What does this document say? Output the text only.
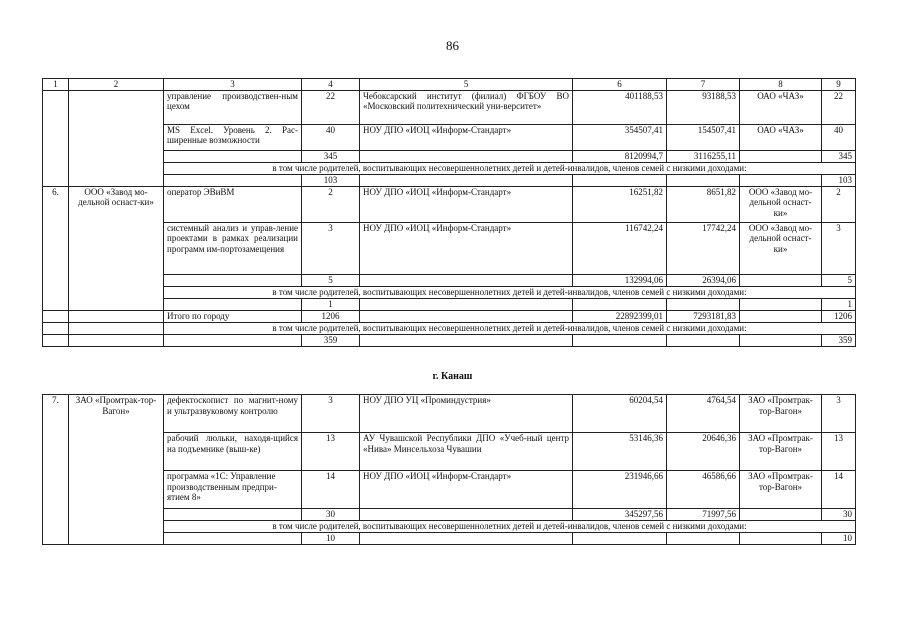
86
1	2	3	4	5	6	7	8	9
		управление производствен-ным цехом	22	Чебоксарский институт (филиал) ФГБОУ ВО «Московский политехнический уни-верситет»	401188,53	93188,53	ОАО «ЧАЗ»	22
		MS Excel. Уровень 2. Рас-ширенные возможности	40	НОУ ДПО «ИОЦ «Информ-Стандарт»	354507,41	154507,41	ОАО «ЧАЗ»	40
			345		8120994,7	3116255,11		345
		в том числе родителей, воспитывающих несовершеннолетних детей и детей-инвалидов, членов семей с низкими доходами:						
			103					103
6.	ООО «Завод мо-дельной оснаст-ки»	оператор ЭВиВМ	2	НОУ ДПО «ИОЦ «Информ-Стандарт»	16251,82	8651,82	ООО «Завод мо-дельной оснаст-ки»	2
		системный анализ и управ-ление проектами в рамках реализации программ им-портозамещения	3	НОУ ДПО «ИОЦ «Информ-Стандарт»	116742,24	17742,24	ООО «Завод мо-дельной оснаст-ки»	3
			5		132994,06	26394,06		5
		в том числе родителей, воспитывающих несовершеннолетних детей и детей-инвалидов, членов семей с низкими доходами:						
			1					1
		Итого по городу	1206		22892399,01	7293181,83		1206
		в том числе родителей, воспитывающих несовершеннолетних детей и детей-инвалидов, членов семей с низкими доходами:						
			359					359
г. Канаш
7.	ЗАО «Промтрак-тор-Вагон»	дефектоскопист по магнит-ному и ультразвуковому контролю	3	НОУ ДПО УЦ «Проминдустрия»	60204,54	4764,54	ЗАО «Промтрак-тор-Вагон»	3
		рабочий люльки, находя-щийся на подъемнике (выш-ке)	13	АУ Чувашской Республики ДПО «Учеб-ный центр «Нива» Минсельхоза Чувашии	53146,36	20646,36	ЗАО «Промтрак-тор-Вагон»	13
		программа «1С: Управление производственным предпри-ятием 8»	14	НОУ ДПО «ИОЦ «Информ-Стандарт»	231946,66	46586,66	ЗАО «Промтрак-тор-Вагон»	14
			30		345297,56	71997,56		30
		в том числе родителей, воспитывающих несовершеннолетних детей и детей-инвалидов, членов семей с низкими доходами:						
			10					10
